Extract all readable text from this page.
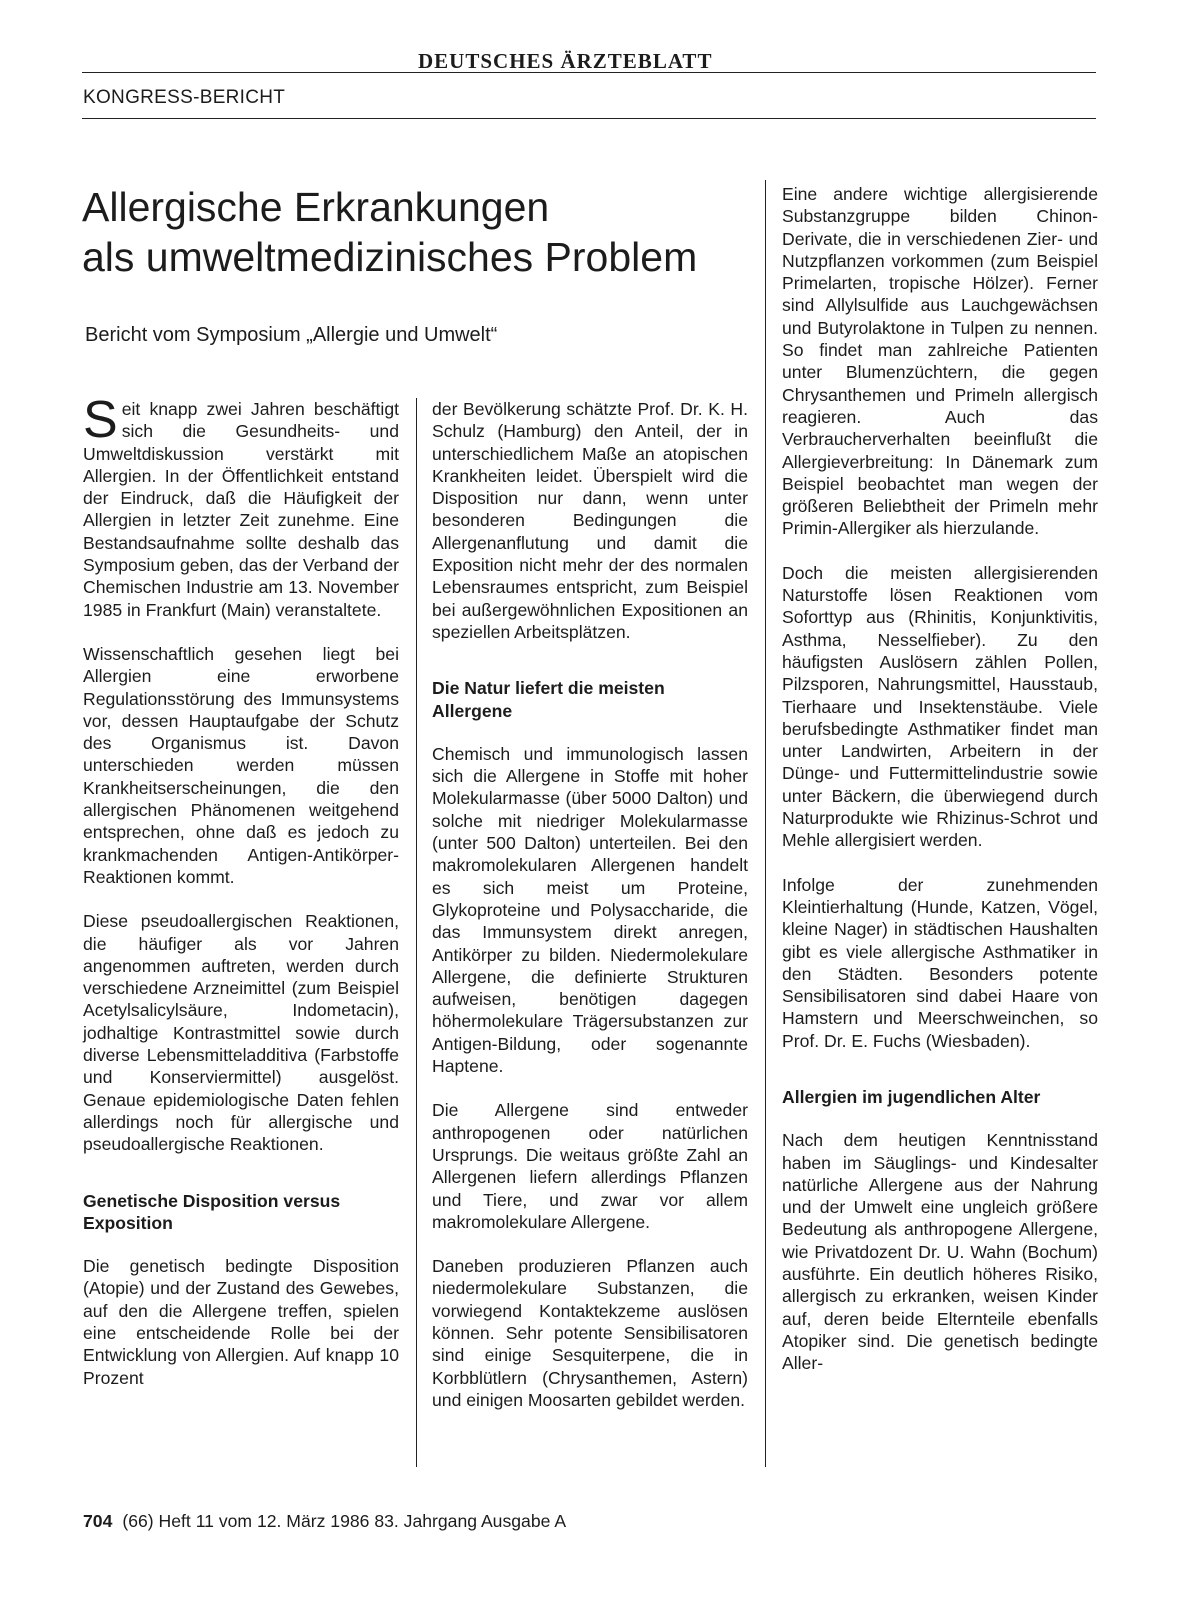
DEUTSCHES ÄRZTEBLATT
KONGRESS-BERICHT
Allergische Erkrankungen
als umweltmedizinisches Problem
Bericht vom Symposium „Allergie und Umwelt“

Seit knapp zwei Jahren beschäftigt sich die Gesundheits- und Umweltdiskussion verstärkt mit Allergien. In der Öffentlichkeit entstand der Eindruck, daß die Häufigkeit der Allergien in letzter Zeit zunehme. Eine Bestandsaufnahme sollte deshalb das Symposium geben, das der Verband der Chemischen Industrie am 13. November 1985 in Frankfurt (Main) veranstaltete.

Wissenschaftlich gesehen liegt bei Allergien eine erworbene Regulationsstörung des Immunsystems vor, dessen Hauptaufgabe der Schutz des Organismus ist. Davon unterschieden werden müssen Krankheitserscheinungen, die den allergischen Phänomenen weitgehend entsprechen, ohne daß es jedoch zu krankmachenden Antigen-Antikörper-Reaktionen kommt.

Diese pseudoallergischen Reaktionen, die häufiger als vor Jahren angenommen auftreten, werden durch verschiedene Arzneimittel (zum Beispiel Acetylsalicylsäure, Indometacin), jodhaltige Kontrastmittel sowie durch diverse Lebensmitteladditiva (Farbstoffe und Konserviermittel) ausgelöst. Genaue epidemiologische Daten fehlen allerdings noch für allergische und pseudoallergische Reaktionen.

Genetische Disposition versus Exposition

Die genetisch bedingte Disposition (Atopie) und der Zustand des Gewebes, auf den die Allergene treffen, spielen eine entscheidende Rolle bei der Entwicklung von Allergien. Auf knapp 10 Prozent

der Bevölkerung schätzte Prof. Dr. K. H. Schulz (Hamburg) den Anteil, der in unterschiedlichem Maße an atopischen Krankheiten leidet. Überspielt wird die Disposition nur dann, wenn unter besonderen Bedingungen die Allergenanflutung und damit die Exposition nicht mehr der des normalen Lebensraumes entspricht, zum Beispiel bei außergewöhnlichen Expositionen an speziellen Arbeitsplätzen.

Die Natur liefert die meisten Allergene

Chemisch und immunologisch lassen sich die Allergene in Stoffe mit hoher Molekularmasse (über 5000 Dalton) und solche mit niedriger Molekularmasse (unter 500 Dalton) unterteilen. Bei den makromolekularen Allergenen handelt es sich meist um Proteine, Glykoproteine und Polysaccharide, die das Immunsystem direkt anregen, Antikörper zu bilden. Niedermolekulare Allergene, die definierte Strukturen aufweisen, benötigen dagegen höhermolekulare Trägersubstanzen zur Antigen-Bildung, oder sogenannte Haptene.

Die Allergene sind entweder anthropogenen oder natürlichen Ursprungs. Die weitaus größte Zahl an Allergenen liefern allerdings Pflanzen und Tiere, und zwar vor allem makromolekulare Allergene.

Daneben produzieren Pflanzen auch niedermolekulare Substanzen, die vorwiegend Kontaktekzeme auslösen können. Sehr potente Sensibilisatoren sind einige Sesquiterpene, die in Korbblütlern (Chrysanthemen, Astern) und einigen Moosarten gebildet werden.

Eine andere wichtige allergisierende Substanzgruppe bilden Chinon-Derivate, die in verschiedenen Zier- und Nutzpflanzen vorkommen (zum Beispiel Primelarten, tropische Hölzer). Ferner sind Allylsulfide aus Lauchgewächsen und Butyrolaktone in Tulpen zu nennen. So findet man zahlreiche Patienten unter Blumenzüchtern, die gegen Chrysanthemen und Primeln allergisch reagieren. Auch das Verbraucherverhalten beeinflußt die Allergieverbreitung: In Dänemark zum Beispiel beobachtet man wegen der größeren Beliebtheit der Primeln mehr Primin-Allergiker als hierzulande.

Doch die meisten allergisierenden Naturstoffe lösen Reaktionen vom Soforttyp aus (Rhinitis, Konjunktivitis, Asthma, Nesselfieber). Zu den häufigsten Auslösern zählen Pollen, Pilzsporen, Nahrungsmittel, Hausstaub, Tierhaare und Insektenstäube. Viele berufsbedingte Asthmatiker findet man unter Landwirten, Arbeitern in der Dünge- und Futtermittelindustrie sowie unter Bäckern, die überwiegend durch Naturprodukte wie Rhizinus-Schrot und Mehle allergisiert werden.

Infolge der zunehmenden Kleintierhaltung (Hunde, Katzen, Vögel, kleine Nager) in städtischen Haushalten gibt es viele allergische Asthmatiker in den Städten. Besonders potente Sensibilisatoren sind dabei Haare von Hamstern und Meerschweinchen, so Prof. Dr. E. Fuchs (Wiesbaden).

Allergien im jugendlichen Alter

Nach dem heutigen Kenntnisstand haben im Säuglings- und Kindesalter natürliche Allergene aus der Nahrung und der Umwelt eine ungleich größere Bedeutung als anthropogene Allergene, wie Privatdozent Dr. U. Wahn (Bochum) ausführte. Ein deutlich höheres Risiko, allergisch zu erkranken, weisen Kinder auf, deren beide Elternteile ebenfalls Atopiker sind. Die genetisch bedingte Aller-

704 (66) Heft 11 vom 12. März 1986 83. Jahrgang Ausgabe A
